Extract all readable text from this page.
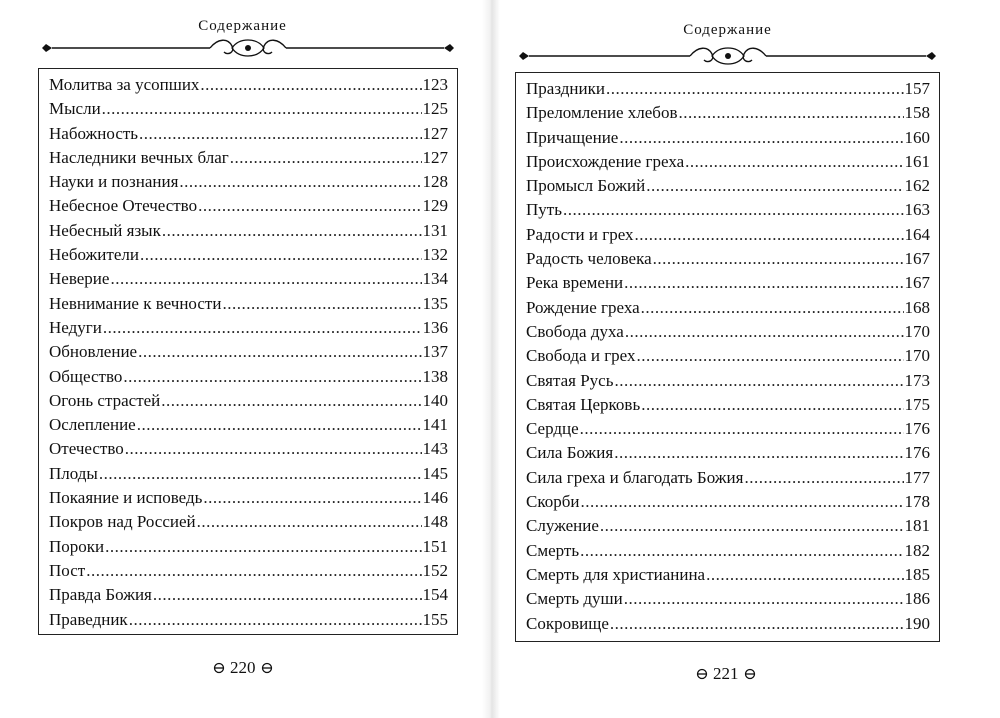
Содержание
Молитва за усопших .....	123
Мысли .....	125
Набожность .....	127
Наследники вечных благ .....	127
Науки и познания .....	128
Небесное Отечество .....	129
Небесный язык .....	131
Небожители .....	132
Неверие .....	134
Невнимание к вечности .....	135
Недуги .....	136
Обновление .....	137
Общество .....	138
Огонь страстей .....	140
Ослепление .....	141
Отечество .....	143
Плоды .....	145
Покаяние и исповедь .....	146
Покров над Россией .....	148
Пороки .....	151
Пост .....	152
Правда Божия .....	154
Праведник .....	155
220
Содержание
Праздники .....	157
Преломление хлебов .....	158
Причащение .....	160
Происхождение греха .....	161
Промысл Божий .....	162
Путь .....	163
Радости и грех .....	164
Радость человека .....	167
Река времени .....	167
Рождение греха .....	168
Свобода духа .....	170
Свобода и грех .....	170
Святая Русь .....	173
Святая Церковь .....	175
Сердце .....	176
Сила Божия .....	176
Сила греха и благодать Божия .....	177
Скорби .....	178
Служение .....	181
Смерть .....	182
Смерть для христианина .....	185
Смерть души .....	186
Сокровище .....	190
221
